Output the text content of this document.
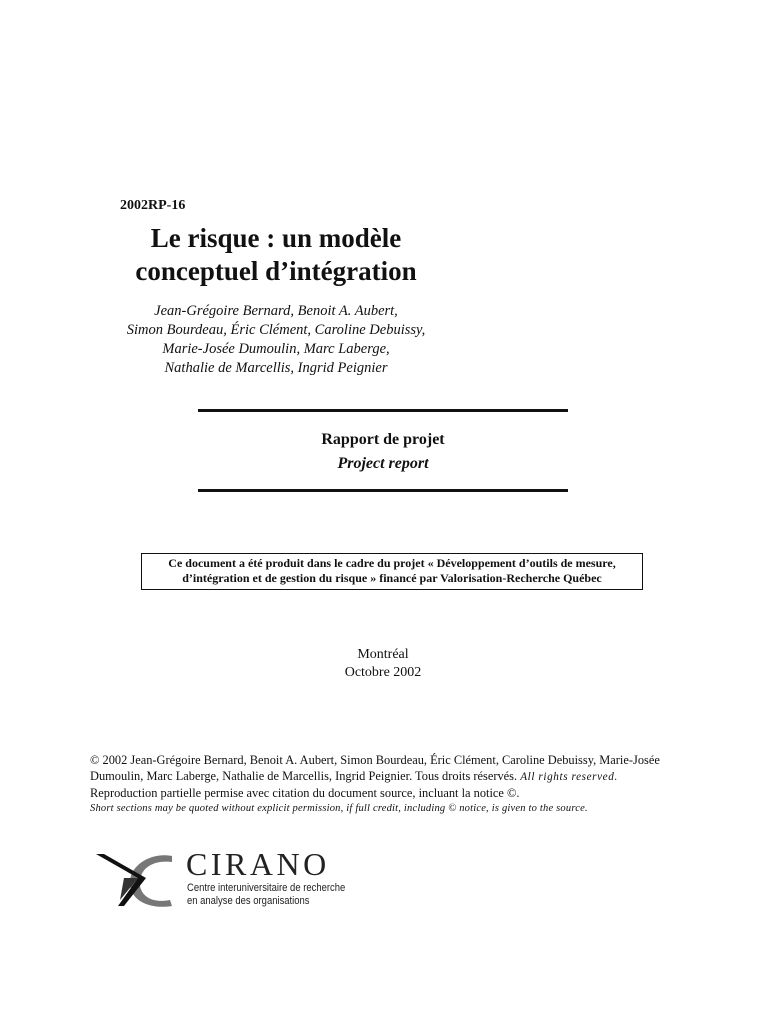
2002RP-16
Le risque : un modèle
conceptuel d’intégration
Jean-Grégoire Bernard, Benoit A. Aubert,
Simon Bourdeau, Éric Clément, Caroline Debuissy,
Marie-Josée Dumoulin, Marc Laberge,
Nathalie de Marcellis, Ingrid Peignier
Rapport de projet
Project report
Ce document a été produit dans le cadre du projet « Développement d’outils de mesure,
d’intégration et de gestion du risque » financé par Valorisation-Recherche Québec
Montréal
Octobre 2002
© 2002 Jean-Grégoire Bernard, Benoit A. Aubert, Simon Bourdeau, Éric Clément, Caroline Debuissy, Marie-Josée
Dumoulin, Marc Laberge, Nathalie de Marcellis, Ingrid Peignier. Tous droits réservés. All rights reserved.
Reproduction partielle permise avec citation du document source, incluant la notice ©.
Short sections may be quoted without explicit permission, if full credit, including © notice, is given to the source.
CIRANO
Centre interuniversitaire de recherche
en analyse des organisations
